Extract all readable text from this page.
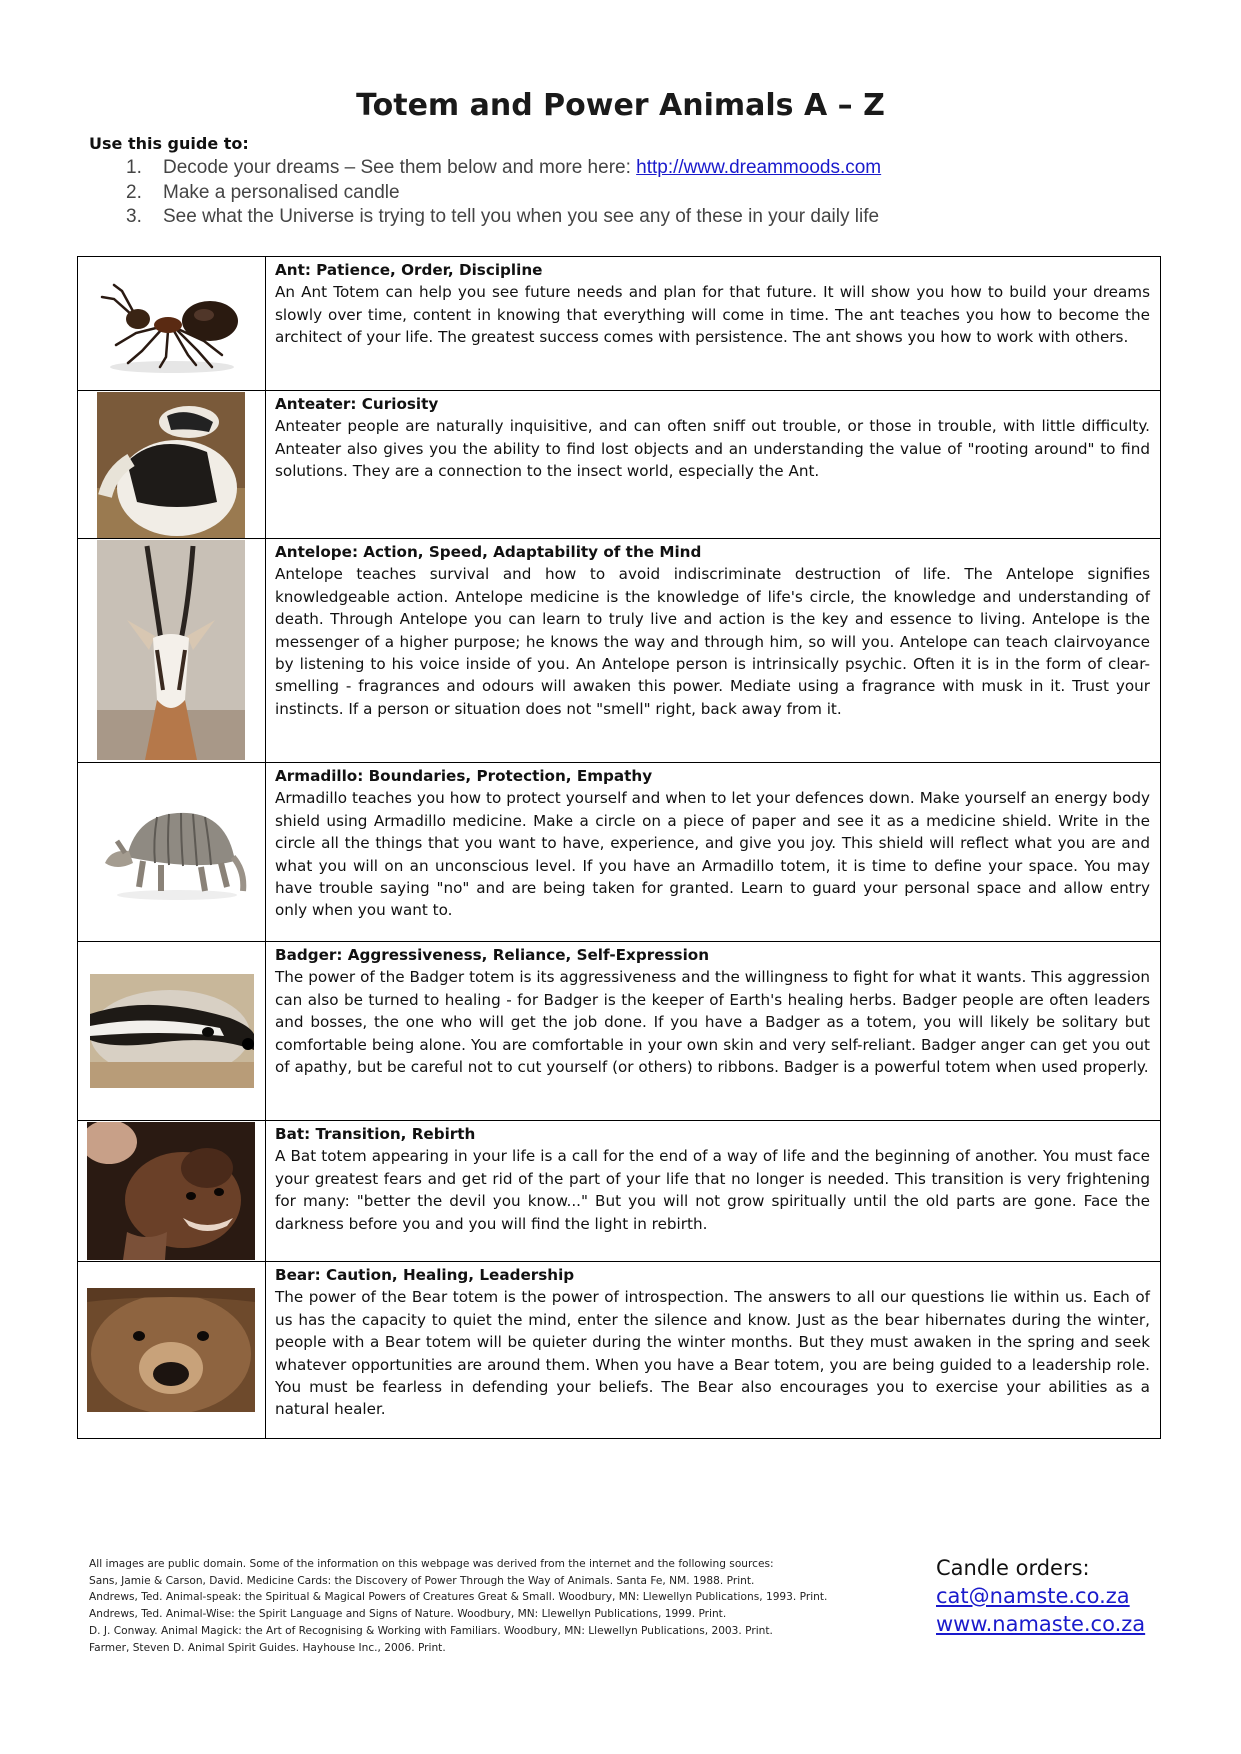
Totem and Power Animals A – Z
Use this guide to:
1. Decode your dreams – See them below and more here: http://www.dreammoods.com
2. Make a personalised candle
3. See what the Universe is trying to tell you when you see any of these in your daily life

Ant: Patience, Order, Discipline
An Ant Totem can help you see future needs and plan for that future. It will show you how to build your dreams slowly over time, content in knowing that everything will come in time. The ant teaches you how to become the architect of your life. The greatest success comes with persistence. The ant shows you how to work with others.

Anteater: Curiosity
Anteater people are naturally inquisitive, and can often sniff out trouble, or those in trouble, with little difficulty. Anteater also gives you the ability to find lost objects and an understanding the value of "rooting around" to find solutions. They are a connection to the insect world, especially the Ant.

Antelope: Action, Speed, Adaptability of the Mind
Antelope teaches survival and how to avoid indiscriminate destruction of life. The Antelope signifies knowledgeable action. Antelope medicine is the knowledge of life's circle, the knowledge and understanding of death. Through Antelope you can learn to truly live and action is the key and essence to living. Antelope is the messenger of a higher purpose; he knows the way and through him, so will you. Antelope can teach clairvoyance by listening to his voice inside of you. An Antelope person is intrinsically psychic. Often it is in the form of clear-smelling - fragrances and odours will awaken this power. Mediate using a fragrance with musk in it. Trust your instincts. If a person or situation does not "smell" right, back away from it.

Armadillo: Boundaries, Protection, Empathy
Armadillo teaches you how to protect yourself and when to let your defences down. Make yourself an energy body shield using Armadillo medicine. Make a circle on a piece of paper and see it as a medicine shield. Write in the circle all the things that you want to have, experience, and give you joy. This shield will reflect what you are and what you will on an unconscious level. If you have an Armadillo totem, it is time to define your space. You may have trouble saying "no" and are being taken for granted. Learn to guard your personal space and allow entry only when you want to.

Badger: Aggressiveness, Reliance, Self-Expression
The power of the Badger totem is its aggressiveness and the willingness to fight for what it wants. This aggression can also be turned to healing - for Badger is the keeper of Earth's healing herbs. Badger people are often leaders and bosses, the one who will get the job done. If you have a Badger as a totem, you will likely be solitary but comfortable being alone. You are comfortable in your own skin and very self-reliant. Badger anger can get you out of apathy, but be careful not to cut yourself (or others) to ribbons. Badger is a powerful totem when used properly.

Bat: Transition, Rebirth
A Bat totem appearing in your life is a call for the end of a way of life and the beginning of another. You must face your greatest fears and get rid of the part of your life that no longer is needed. This transition is very frightening for many: "better the devil you know..." But you will not grow spiritually until the old parts are gone. Face the darkness before you and you will find the light in rebirth.

Bear: Caution, Healing, Leadership
The power of the Bear totem is the power of introspection. The answers to all our questions lie within us. Each of us has the capacity to quiet the mind, enter the silence and know. Just as the bear hibernates during the winter, people with a Bear totem will be quieter during the winter months. But they must awaken in the spring and seek whatever opportunities are around them. When you have a Bear totem, you are being guided to a leadership role. You must be fearless in defending your beliefs. The Bear also encourages you to exercise your abilities as a natural healer.
All images are public domain. Some of the information on this webpage was derived from the internet and the following sources:
Sans, Jamie & Carson, David. Medicine Cards: the Discovery of Power Through the Way of Animals. Santa Fe, NM. 1988. Print.
Andrews, Ted. Animal-speak: the Spiritual & Magical Powers of Creatures Great & Small. Woodbury, MN: Llewellyn Publications, 1993. Print.
Andrews, Ted. Animal-Wise: the Spirit Language and Signs of Nature. Woodbury, MN: Llewellyn Publications, 1999. Print.
D. J. Conway. Animal Magick: the Art of Recognising & Working with Familiars. Woodbury, MN: Llewellyn Publications, 2003. Print.
Farmer, Steven D. Animal Spirit Guides. Hayhouse Inc., 2006. Print.
Candle orders:
cat@namste.co.za
www.namaste.co.za
